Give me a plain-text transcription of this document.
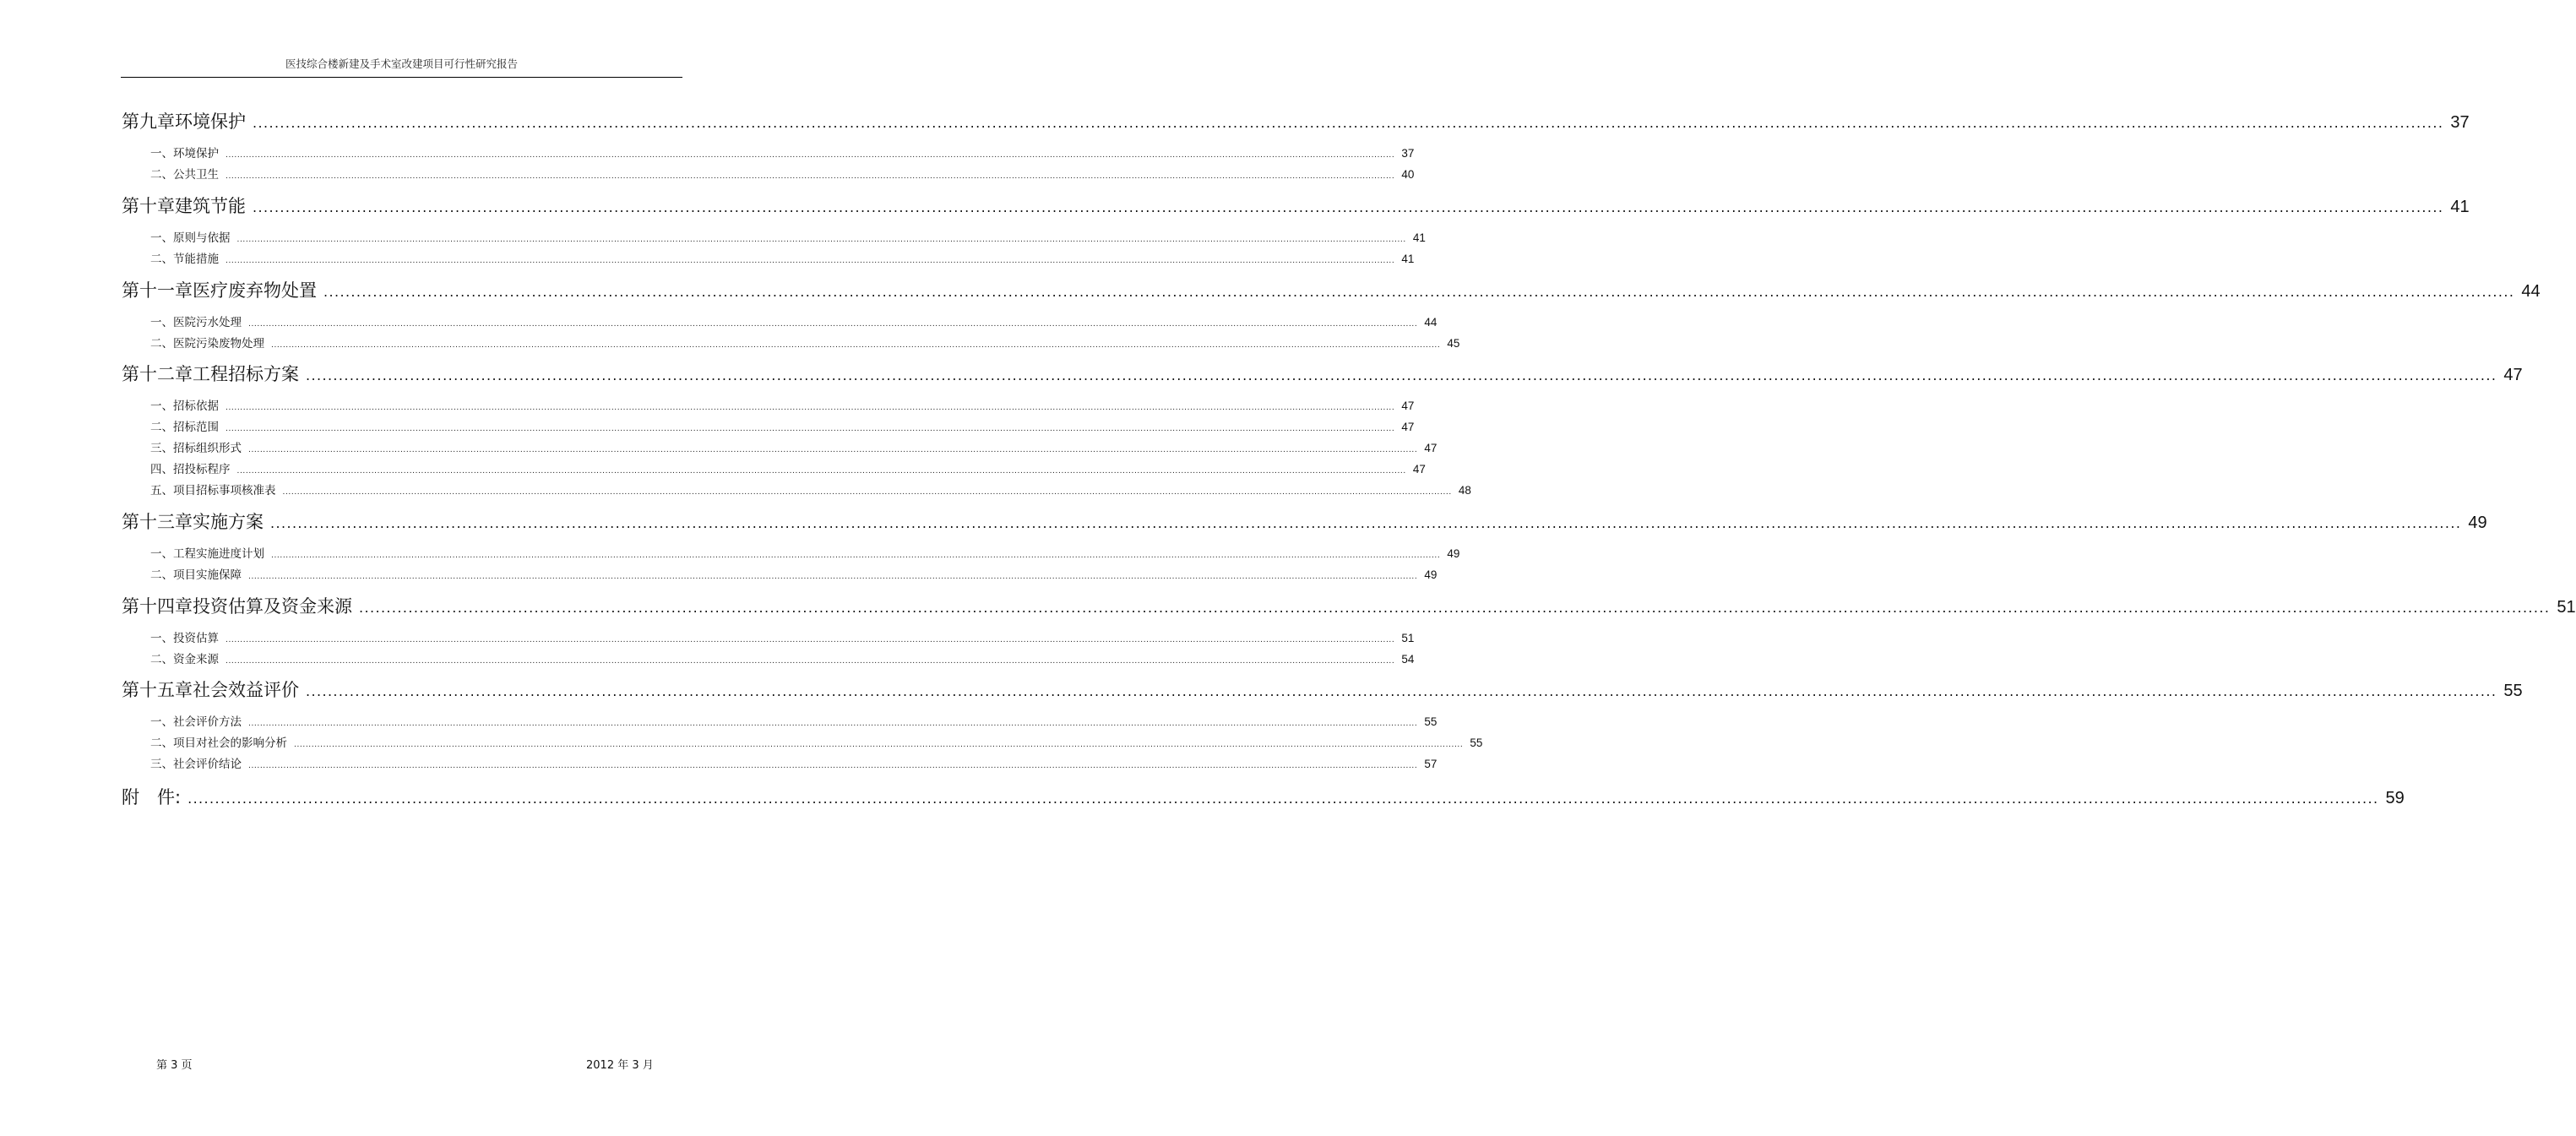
医技综合楼新建及手术室改建项目可行性研究报告
第九章 环境保护 ................................................................................................................................................................................................................................................................................................................................................................................................................ 37
一、环境保护 ................................................................................................................................................................................................................................................................................................................................................................................................................ 37
二、公共卫生 ................................................................................................................................................................................................................................................................................................................................................................................................................ 40
第十章 建筑节能 ................................................................................................................................................................................................................................................................................................................................................................................................................ 41
一、原则与依据 ................................................................................................................................................................................................................................................................................................................................................................................................................ 41
二、节能措施 ................................................................................................................................................................................................................................................................................................................................................................................................................ 41
第十一章 医疗废弃物处置 ................................................................................................................................................................................................................................................................................................................................................................................................................ 44
一、医院污水处理 ................................................................................................................................................................................................................................................................................................................................................................................................................ 44
二、医院污染废物处理 ................................................................................................................................................................................................................................................................................................................................................................................................................ 45
第十二章 工程招标方案 ................................................................................................................................................................................................................................................................................................................................................................................................................ 47
一、招标依据 ................................................................................................................................................................................................................................................................................................................................................................................................................ 47
二、招标范围 ................................................................................................................................................................................................................................................................................................................................................................................................................ 47
三、招标组织形式 ................................................................................................................................................................................................................................................................................................................................................................................................................ 47
四、招投标程序 ................................................................................................................................................................................................................................................................................................................................................................................................................ 47
五、项目招标事项核准表 ................................................................................................................................................................................................................................................................................................................................................................................................................ 48
第十三章 实施方案 ................................................................................................................................................................................................................................................................................................................................................................................................................ 49
一、工程实施进度计划 ................................................................................................................................................................................................................................................................................................................................................................................................................ 49
二、项目实施保障 ................................................................................................................................................................................................................................................................................................................................................................................................................ 49
第十四章 投资估算及资金来源 ................................................................................................................................................................................................................................................................................................................................................................................................................ 51
一、投资估算 ................................................................................................................................................................................................................................................................................................................................................................................................................ 51
二、资金来源 ................................................................................................................................................................................................................................................................................................................................................................................................................ 54
第十五章 社会效益评价 ................................................................................................................................................................................................................................................................................................................................................................................................................ 55
一、社会评价方法 ................................................................................................................................................................................................................................................................................................................................................................................................................ 55
二、项目对社会的影响分析 ................................................................................................................................................................................................................................................................................................................................................................................................................ 55
三、社会评价结论 ................................................................................................................................................................................................................................................................................................................................................................................................................ 57
附　件: ................................................................................................................................................................................................................................................................................................................................................................................................................ 59
第 3 页	2012 年 3 月
